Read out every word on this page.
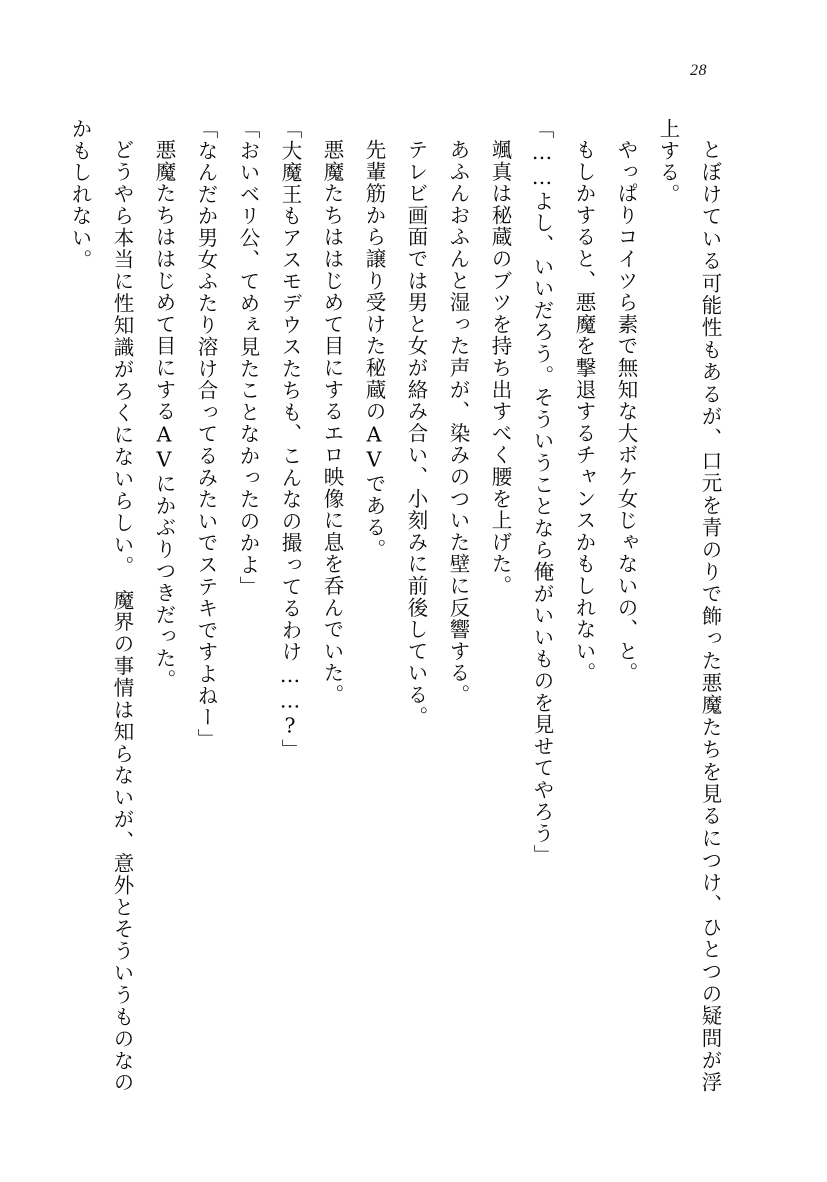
28

とぼけている可能性もあるが、口元を青のりで飾った悪魔たちを見るにつけ、ひとつの疑問が浮上する。

やっぱりコイツら素で無知な大ボケ女じゃないの、と。

もしかすると、悪魔を撃退するチャンスかもしれない。

「……よし、いいだろう。そういうことなら俺がいいものを見せてやろう」

颯真は秘蔵のブツを持ち出すべく腰を上げた。

あふんおふんと湿った声が、染みのついた壁に反響する。

テレビ画面では男と女が絡み合い、小刻みに前後している。

先輩筋から譲り受けた秘蔵のAVである。

悪魔たちははじめて目にするエロ映像に息を呑んでいた。

「大魔王もアスモデウスたちも、こんなの撮ってるわけ……?」

「おいベリ公、てめぇ見たことなかったのかよ」

「なんだか男女ふたり溶け合ってるみたいでステキですよねー」

悪魔たちははじめて目にするAVにかぶりつきだった。

どうやら本当に性知識がろくにないらしい。　魔界の事情は知らないが、意外とそういうものなのかもしれない。
